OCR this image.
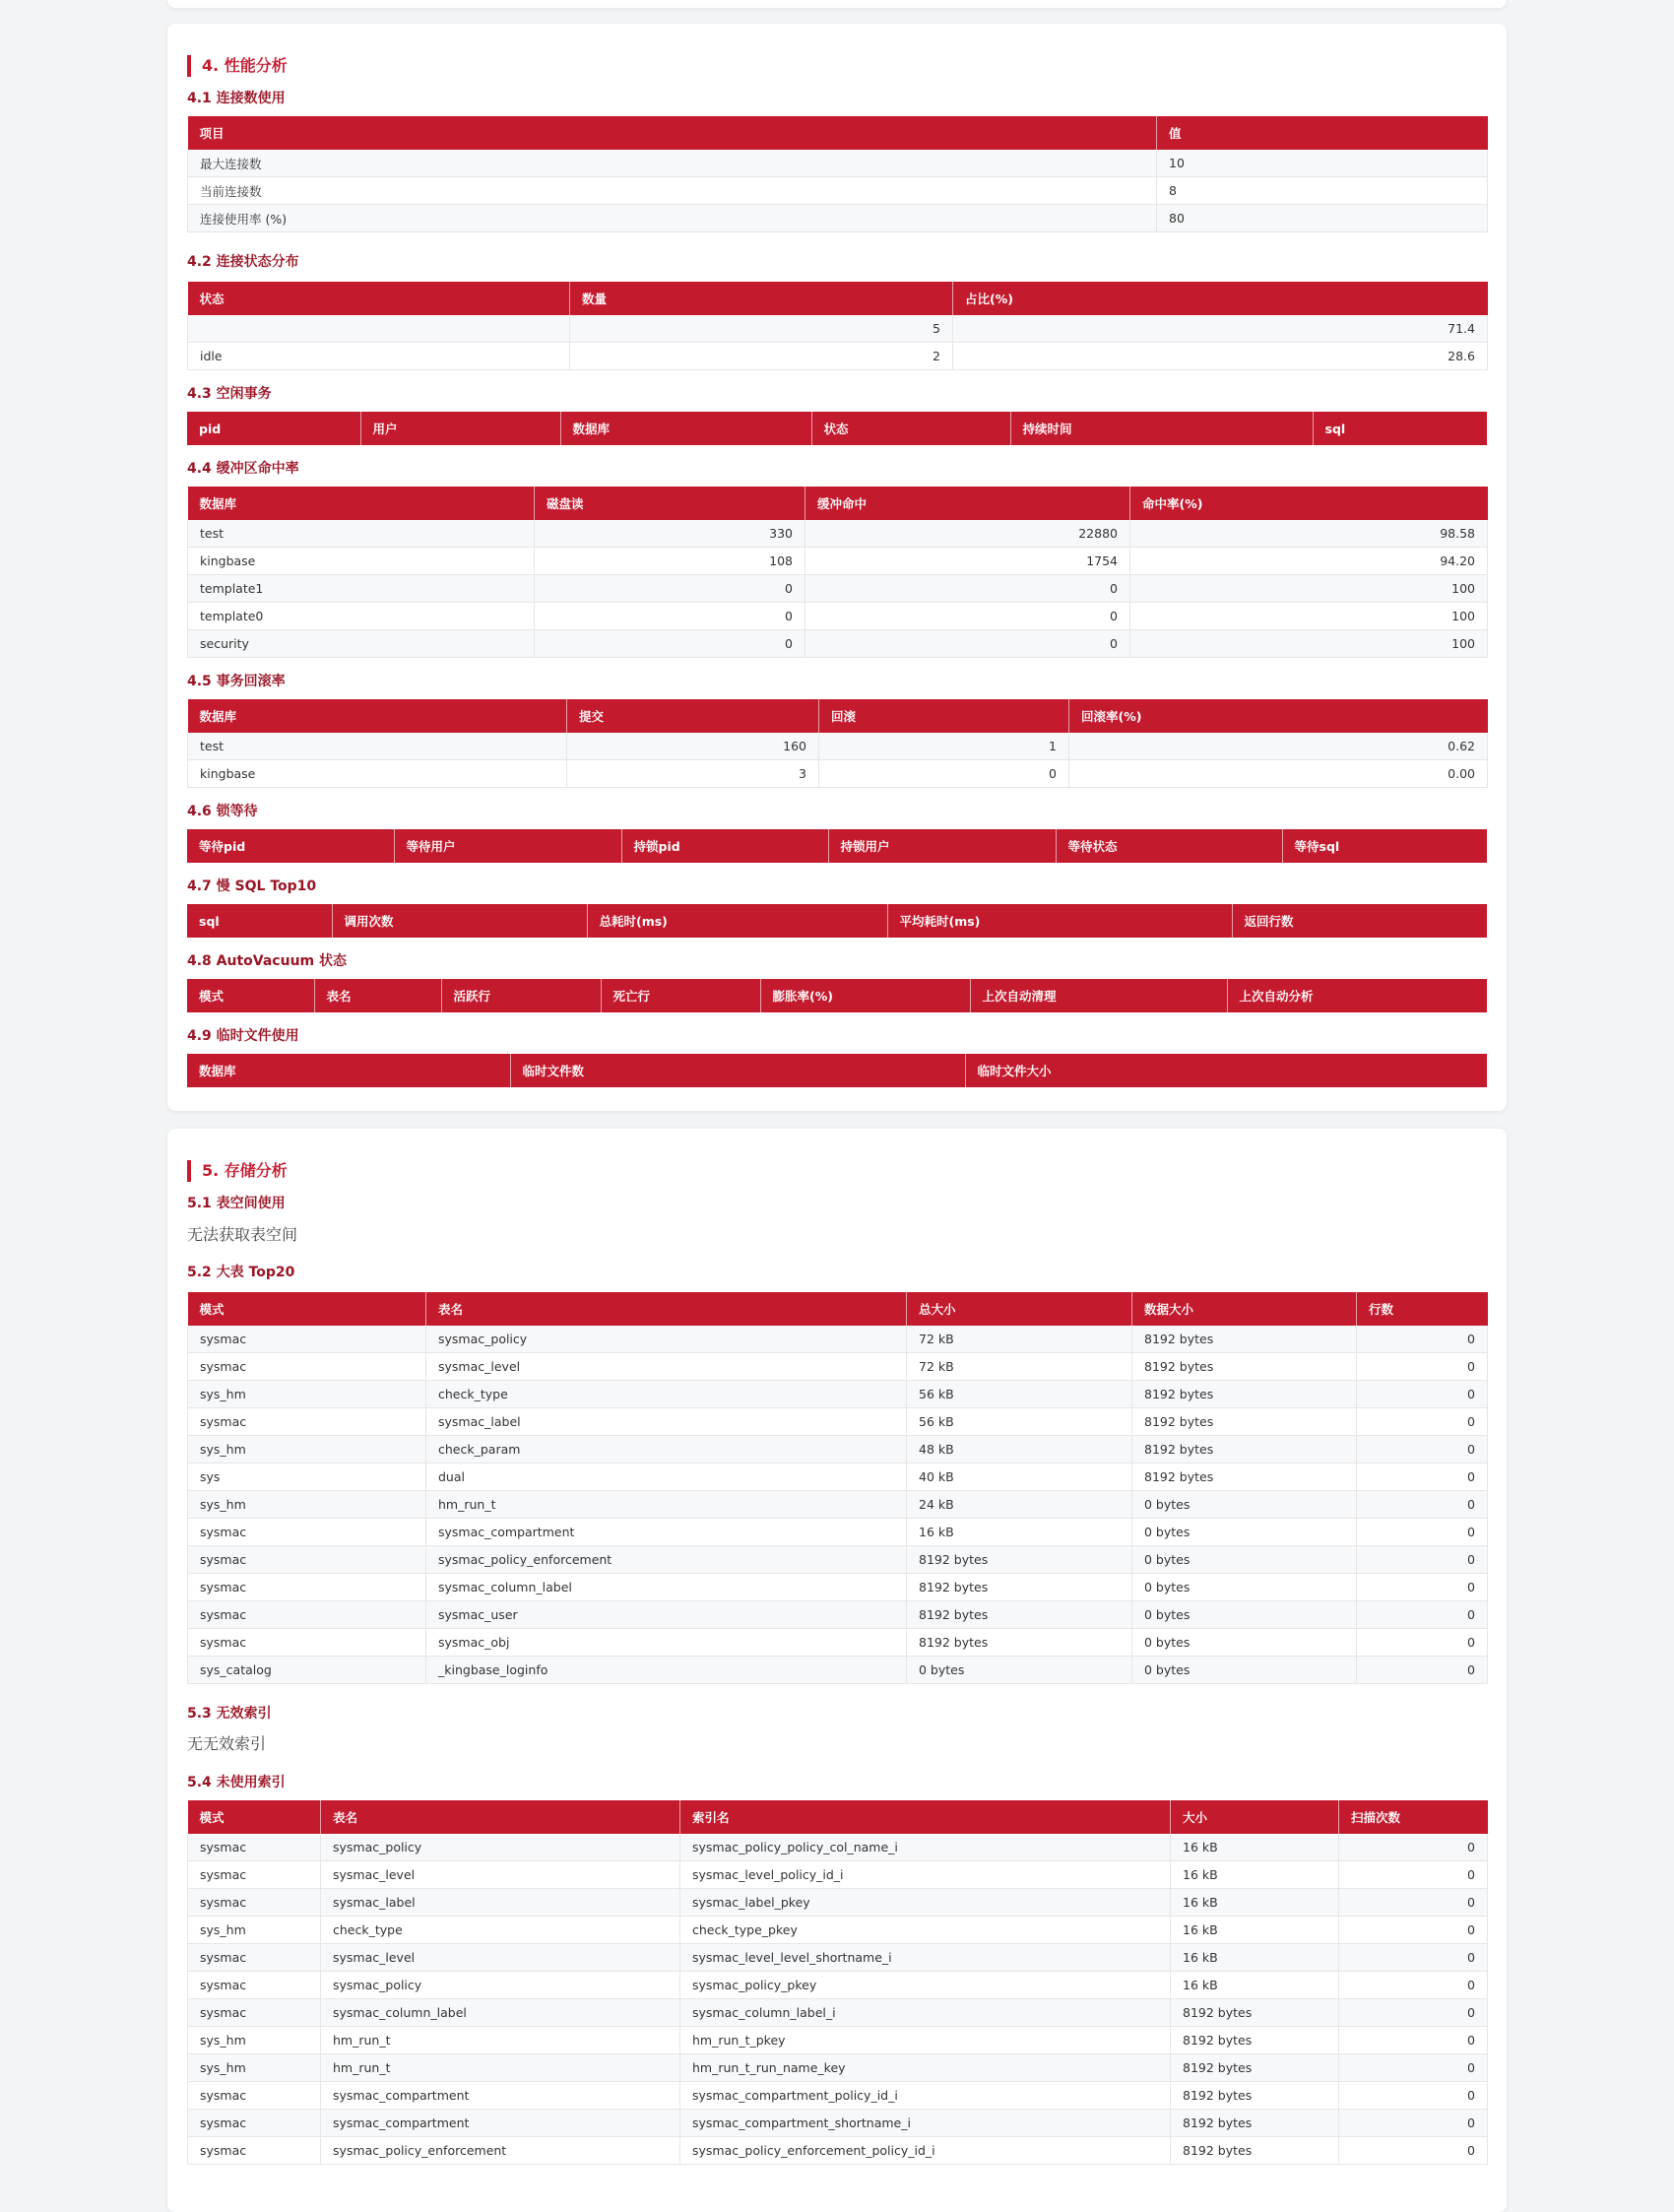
4. 性能分析
4.1 连接数使用
项目	值
最大连接数	10
当前连接数	8
连接使用率 (%)	80
4.2 连接状态分布
状态	数量	占比(%)
	5	71.4
idle	2	28.6
4.3 空闲事务
pid	用户	数据库	状态	持续时间	sql
4.4 缓冲区命中率
数据库	磁盘读	缓冲命中	命中率(%)
test	330	22880	98.58
kingbase	108	1754	94.20
template1	0	0	100
template0	0	0	100
security	0	0	100
4.5 事务回滚率
数据库	提交	回滚	回滚率(%)
test	160	1	0.62
kingbase	3	0	0.00
4.6 锁等待
等待pid	等待用户	持锁pid	持锁用户	等待状态	等待sql
4.7 慢 SQL Top10
sql	调用次数	总耗时(ms)	平均耗时(ms)	返回行数
4.8 AutoVacuum 状态
模式	表名	活跃行	死亡行	膨胀率(%)	上次自动清理	上次自动分析
4.9 临时文件使用
数据库	临时文件数	临时文件大小
5. 存储分析
5.1 表空间使用
无法获取表空间
5.2 大表 Top20
模式	表名	总大小	数据大小	行数
sysmac	sysmac_policy	72 kB	8192 bytes	0
sysmac	sysmac_level	72 kB	8192 bytes	0
sys_hm	check_type	56 kB	8192 bytes	0
sysmac	sysmac_label	56 kB	8192 bytes	0
sys_hm	check_param	48 kB	8192 bytes	0
sys	dual	40 kB	8192 bytes	0
sys_hm	hm_run_t	24 kB	0 bytes	0
sysmac	sysmac_compartment	16 kB	0 bytes	0
sysmac	sysmac_policy_enforcement	8192 bytes	0 bytes	0
sysmac	sysmac_column_label	8192 bytes	0 bytes	0
sysmac	sysmac_user	8192 bytes	0 bytes	0
sysmac	sysmac_obj	8192 bytes	0 bytes	0
sys_catalog	_kingbase_loginfo	0 bytes	0 bytes	0
5.3 无效索引
无无效索引
5.4 未使用索引
模式	表名	索引名	大小	扫描次数
sysmac	sysmac_policy	sysmac_policy_policy_col_name_i	16 kB	0
sysmac	sysmac_level	sysmac_level_policy_id_i	16 kB	0
sysmac	sysmac_label	sysmac_label_pkey	16 kB	0
sys_hm	check_type	check_type_pkey	16 kB	0
sysmac	sysmac_level	sysmac_level_level_shortname_i	16 kB	0
sysmac	sysmac_policy	sysmac_policy_pkey	16 kB	0
sysmac	sysmac_column_label	sysmac_column_label_i	8192 bytes	0
sys_hm	hm_run_t	hm_run_t_pkey	8192 bytes	0
sys_hm	hm_run_t	hm_run_t_run_name_key	8192 bytes	0
sysmac	sysmac_compartment	sysmac_compartment_policy_id_i	8192 bytes	0
sysmac	sysmac_compartment	sysmac_compartment_shortname_i	8192 bytes	0
sysmac	sysmac_policy_enforcement	sysmac_policy_enforcement_policy_id_i	8192 bytes	0
